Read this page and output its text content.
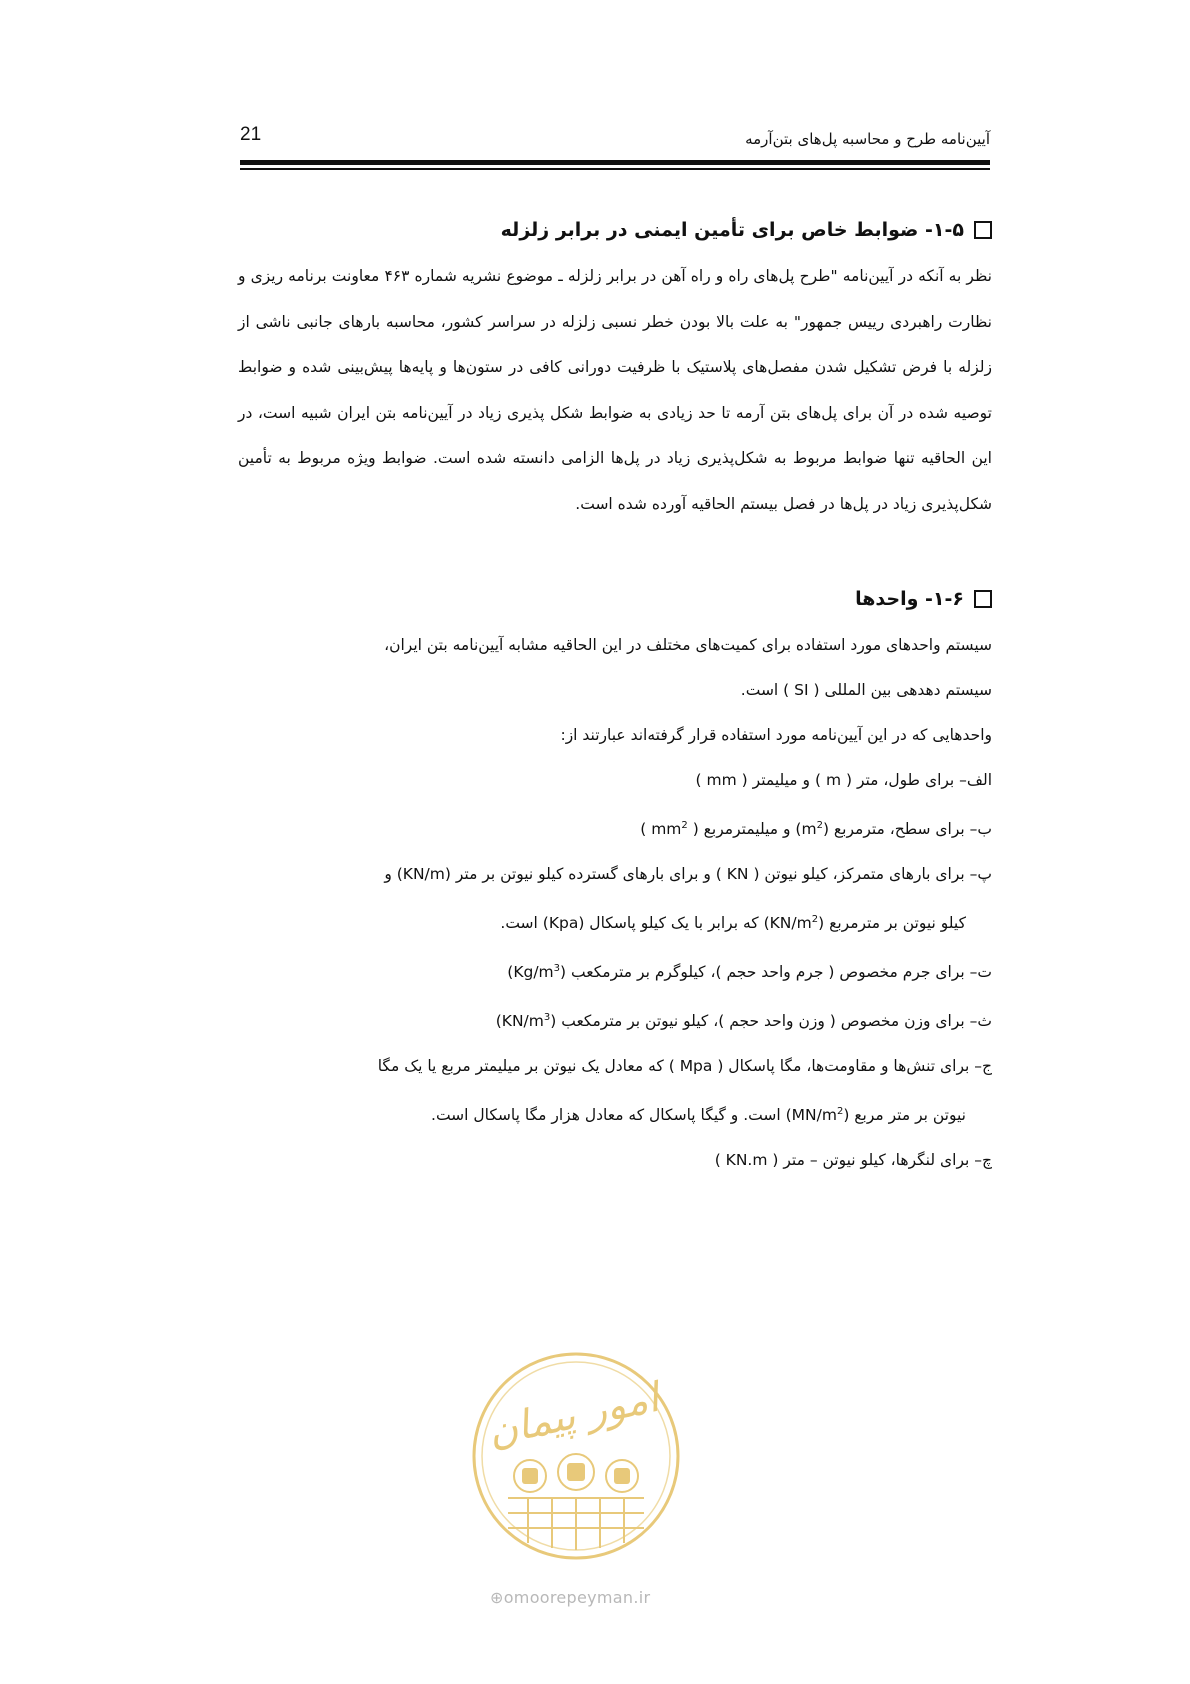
21	آیین‌نامه طرح و محاسبه پل‌های بتن‌آرمه
۱-۵- ضوابط خاص برای تأمین ایمنی در برابر زلزله

نظر به آنکه در آیین‌نامه "طرح پل‌های راه و راه آهن در برابر زلزله ـ موضوع نشریه شماره ۴۶۳ معاونت برنامه ریزی و نظارت راهبردی رییس جمهور" به علت بالا بودن خطر نسبی زلزله در سراسر کشور، محاسبه بارهای جانبی ناشی از زلزله با فرض تشکیل شدن مفصل‌های پلاستیک با ظرفیت دورانی کافی در ستون‌ها و پایه‌ها پیش‌بینی شده و ضوابط توصیه شده در آن برای پل‌های بتن آرمه تا حد زیادی به ضوابط شکل پذیری زیاد در آیین‌نامه بتن ایران شبیه است، در این الحاقیه تنها ضوابط مربوط به شکل‌پذیری زیاد در پل‌ها الزامی دانسته شده است. ضوابط ویژه مربوط به تأمین شکل‌پذیری زیاد در پل‌ها در فصل بیستم الحاقیه آورده شده است.

۱-۶- واحدها

سیستم واحدهای مورد استفاده برای کمیت‌های مختلف در این الحاقیه مشابه آیین‌نامه بتن ایران،

سیستم دهدهی بین المللی ( SI ) است.

واحدهایی که در این آیین‌نامه مورد استفاده قرار گرفته‌اند عبارتند از:

الف– برای طول، متر ( m ) و میلیمتر ( mm )

ب– برای سطح، مترمربع $(m^2)$ و میلیمترمربع ( $mm^2$ )

پ– برای بارهای متمرکز، کیلو نیوتن ( KN ) و برای بارهای گسترده کیلو نیوتن بر متر (KN/m) و

کیلو نیوتن بر مترمربع $(KN/m^2)$ که برابر با یک کیلو پاسکال (Kpa) است.

ت– برای جرم مخصوص ( جرم واحد حجم )، کیلوگرم بر مترمکعب $(Kg/m^3)$

ث– برای وزن مخصوص ( وزن واحد حجم )، کیلو نیوتن بر مترمکعب $(KN/m^3)$

ج– برای تنش‌ها و مقاومت‌ها، مگا پاسکال ( Mpa ) که معادل یک نیوتن بر میلیمتر مربع یا یک مگا

نیوتن بر متر مربع $(MN/m^2)$ است. و گیگا پاسکال که معادل هزار مگا پاسکال است.

چ– برای لنگرها، کیلو نیوتن – متر ( KN.m )

امور پیمان
⊕omoorepeyman.ir
